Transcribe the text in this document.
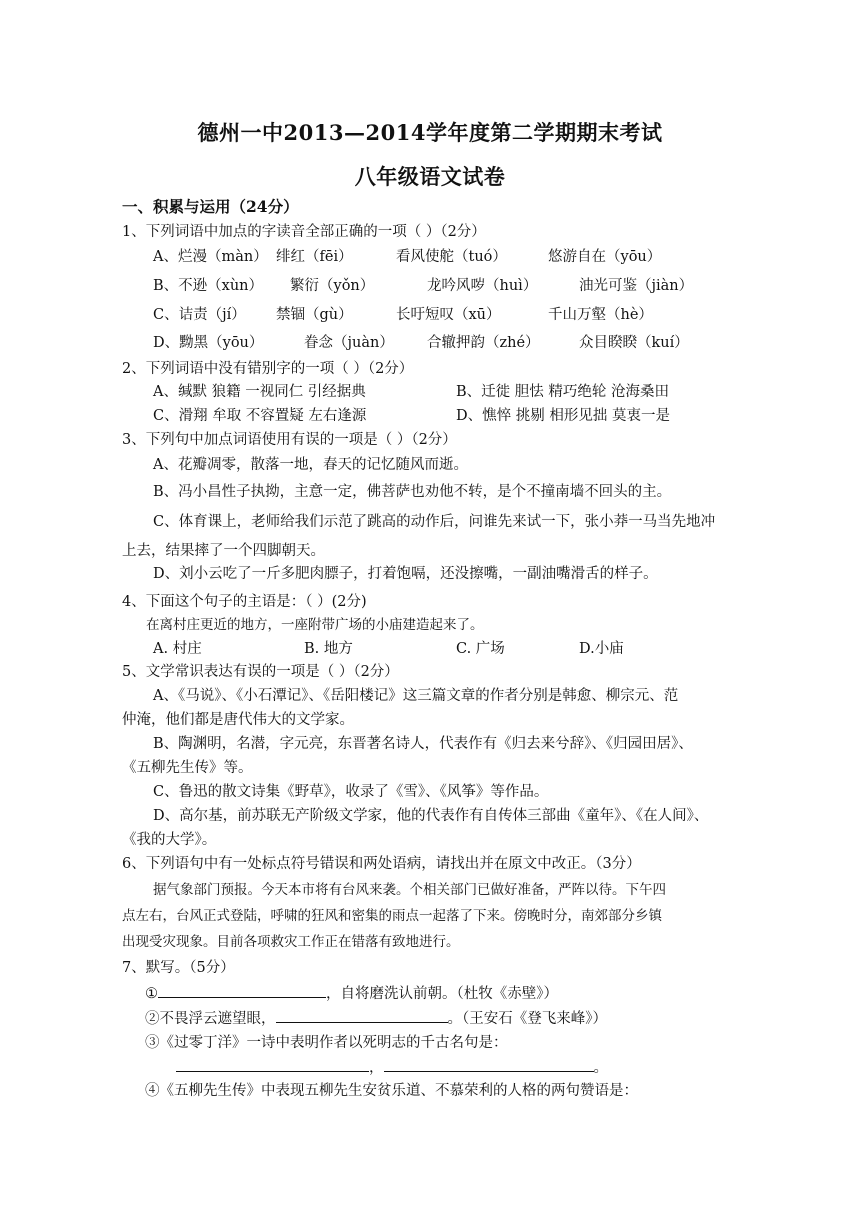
德州一中2013—2014学年度第二学期期末考试
八年级语文试卷
一、积累与运用（24分）
1、下列词语中加点的字读音全部正确的一项（ ）（2分）
A、烂漫（màn） 绯红（fēi）	看风使舵（tuó）	悠游自在（yōu）
B、不逊（xùn） 繁衍（yǒn）	龙吟风哕（huì）	油光可鉴（jiàn）
C、诘责（jí） 禁锢（gù）	长吁短叹（xū）	千山万壑（hè）
D、黝黑（yōu）	眷念（juàn） 合辙押韵（zhé）	众目睽睽（kuí）
2、下列词语中没有错别字的一项（ ）（2分）
A、缄默 狼籍 一视同仁 引经据典	B、迁徙 胆怯 精巧绝轮 沧海桑田
C、滑翔 牟取 不容置疑 左右逢源	D、憔悴 挑剔 相形见拙 莫衷一是
3、下列句中加点词语使用有误的一项是（ ）（2分）
A、花瓣凋零，散落一地，春天的记忆随风而逝。
B、冯小昌性子执拗，主意一定，佛菩萨也劝他不转，是个不撞南墙不回头的主。
C、体育课上，老师给我们示范了跳高的动作后，问谁先来试一下，张小莽一马当先地冲
上去，结果摔了一个四脚朝天。
D、刘小云吃了一斤多肥肉膘子，打着饱嗝，还没擦嘴，一副油嘴滑舌的样子。
4、下面这个句子的主语是：（ ）(2分)
在离村庄更近的地方，一座附带广场的小庙建造起来了。
A. 村庄	B. 地方	C. 广场	D.小庙
5、文学常识表达有误的一项是（ ）（2分）
A、《马说》、《小石潭记》、《岳阳楼记》这三篇文章的作者分别是韩愈、柳宗元、范
仲淹，他们都是唐代伟大的文学家。
B、陶渊明，名潜，字元亮，东晋著名诗人，代表作有《归去来兮辞》、《归园田居》、
《五柳先生传》等。
C、鲁迅的散文诗集《野草》，收录了《雪》、《风筝》等作品。
D、高尔基，前苏联无产阶级文学家，他的代表作有自传体三部曲《童年》、《在人间》、
《我的大学》。
6、下列语句中有一处标点符号错误和两处语病，请找出并在原文中改正。（3分）
据气象部门预报。今天本市将有台风来袭。个相关部门已做好准备，严阵以待。下午四
点左右，台风正式登陆，呼啸的狂风和密集的雨点一起落了下来。傍晚时分，南郊部分乡镇
出现受灾现象。目前各项救灾工作正在错落有致地进行。
7、默写。（5分）
①	，自将磨洗认前朝。（杜牧《赤壁》）
②不畏浮云遮望眼，	。（王安石《登飞来峰》）
③《过零丁洋》一诗中表明作者以死明志的千古名句是：
，	。
④《五柳先生传》中表现五柳先生安贫乐道、不慕荣利的人格的两句赞语是：
